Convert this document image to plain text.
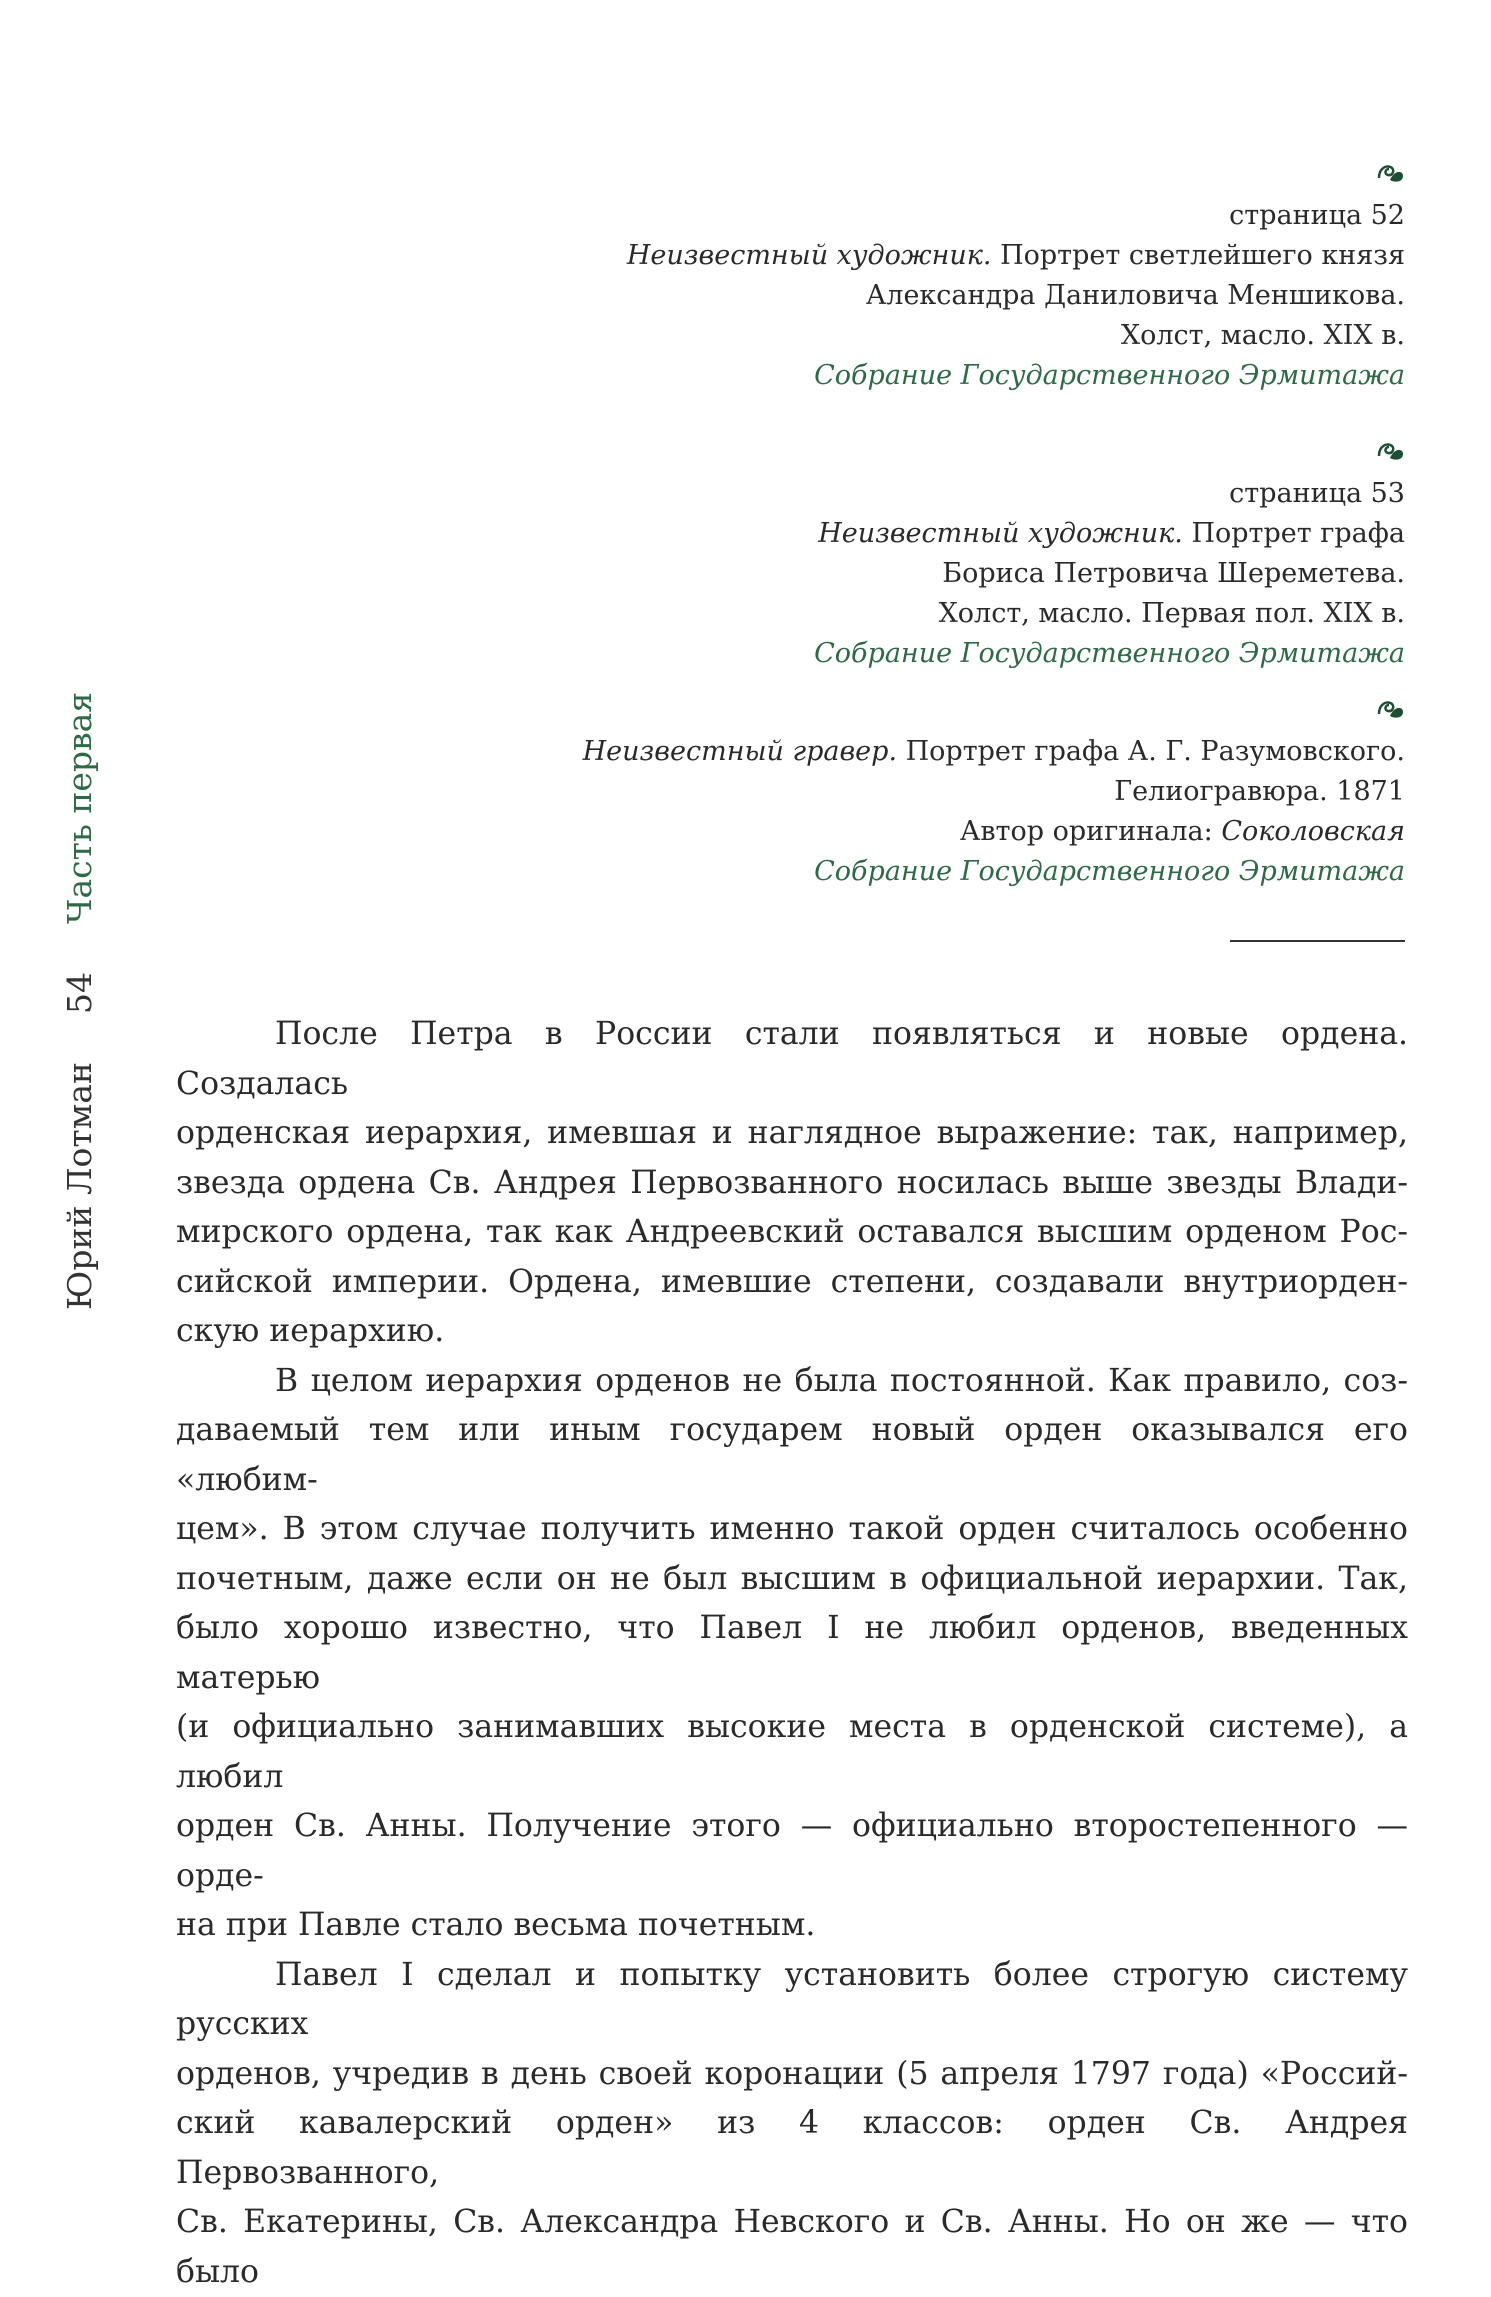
Юрий Лотман54Часть первая
страница 52
Неизвестный художник. Портрет светлейшего князя
Александра Даниловича Меншикова.
Холст, масло. XIX в.
Собрание Государственного Эрмитажа
страница 53
Неизвестный художник. Портрет графа
Бориса Петровича Шереметева.
Холст, масло. Первая пол. XIX в.
Собрание Государственного Эрмитажа
Неизвестный гравер. Портрет графа А. Г. Разумовского.
Гелиогравюра. 1871
Автор оригинала: Соколовская
Собрание Государственного Эрмитажа

После Петра в России стали появляться и новые ордена. Создалась
орденская иерархия, имевшая и наглядное выражение: так, например,
звезда ордена Св. Андрея Первозванного носилась выше звезды Влади-
мирского ордена, так как Андреевский оставался высшим орденом Рос-
сийской империи. Ордена, имевшие степени, создавали внутриорден-
скую иерархию.

В целом иерархия орденов не была постоянной. Как правило, соз-
даваемый тем или иным государем новый орден оказывался его «любим-
цем». В этом случае получить именно такой орден считалось особенно
почетным, даже если он не был высшим в официальной иерархии. Так,
было хорошо известно, что Павел I не любил орденов, введенных матерью
(и официально занимавших высокие места в орденской системе), а любил
орден Св. Анны. Получение этого — официально второстепенного — орде-
на при Павле стало весьма почетным.

Павел I сделал и попытку установить более строгую систему русских
орденов, учредив в день своей коронации (5 апреля 1797 года) «Россий-
ский кавалерский орден» из 4 классов: орден Св. Андрея Первозванного,
Св. Екатерины, Св. Александра Невского и Св. Анны. Но он же — что было
